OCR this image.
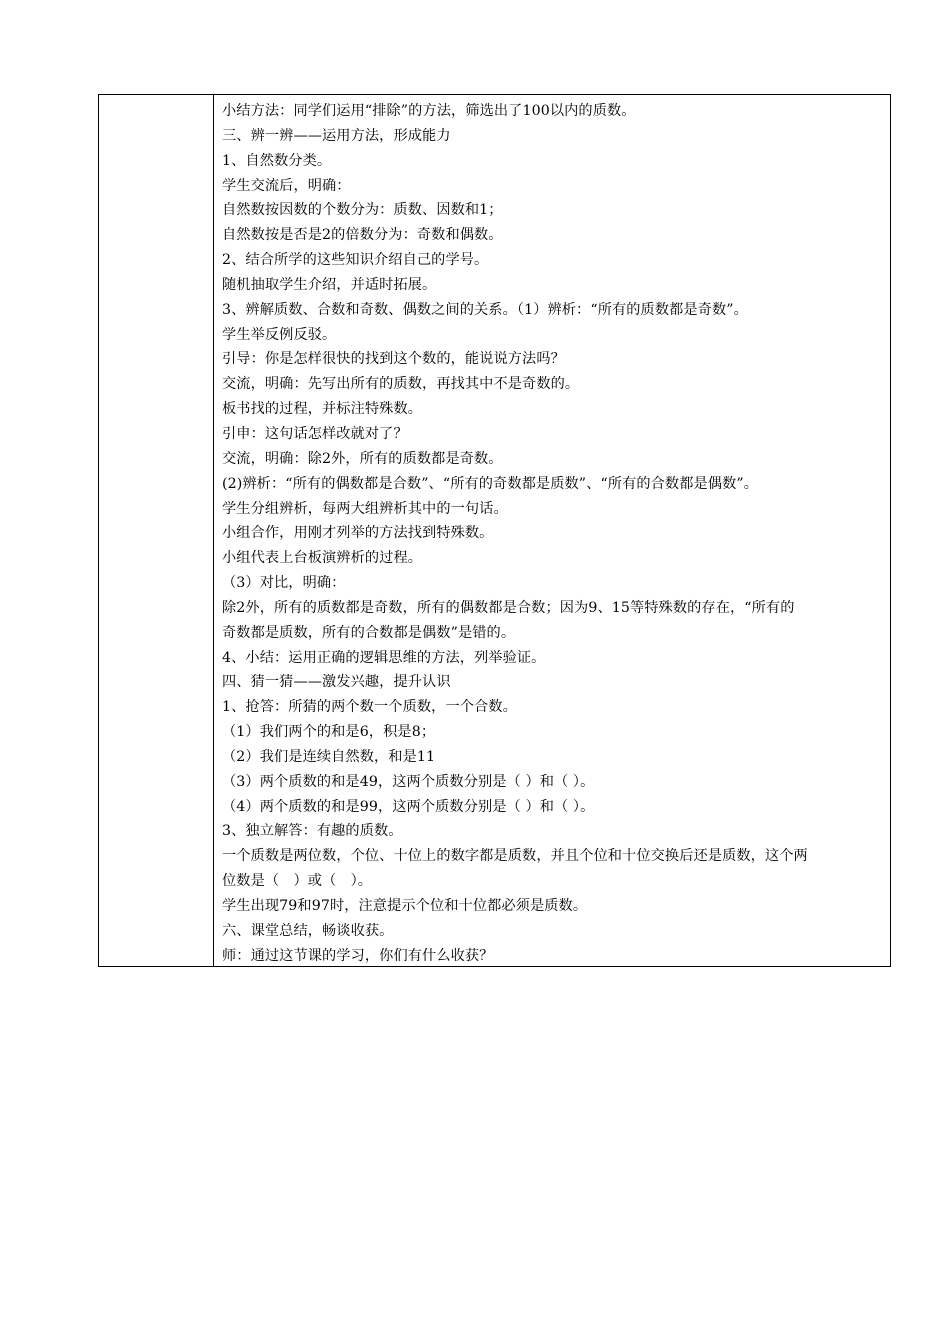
小结方法：同学们运用“排除”的方法，筛选出了100以内的质数。
三、辨一辨——运用方法，形成能力
1、自然数分类。
学生交流后，明确：
自然数按因数的个数分为：质数、因数和1；
自然数按是否是2的倍数分为：奇数和偶数。
2、结合所学的这些知识介绍自己的学号。
随机抽取学生介绍，并适时拓展。
3、辨解质数、合数和奇数、偶数之间的关系。（1）辨析：“所有的质数都是奇数”。
学生举反例反驳。
引导：你是怎样很快的找到这个数的，能说说方法吗？
交流，明确：先写出所有的质数，再找其中不是奇数的。
板书找的过程，并标注特殊数。
引申：这句话怎样改就对了？
交流，明确：除2外，所有的质数都是奇数。
(2)辨析：“所有的偶数都是合数”、“所有的奇数都是质数”、“所有的合数都是偶数”。
学生分组辨析，每两大组辨析其中的一句话。
小组合作，用刚才列举的方法找到特殊数。
小组代表上台板演辨析的过程。
（3）对比，明确：
除2外，所有的质数都是奇数，所有的偶数都是合数；因为9、15等特殊数的存在，“所有的
奇数都是质数，所有的合数都是偶数”是错的。
4、小结：运用正确的逻辑思维的方法，列举验证。
四、猜一猜——激发兴趣，提升认识
1、抢答：所猜的两个数一个质数，一个合数。
（1）我们两个的和是6，积是8；
（2）我们是连续自然数，和是11
（3）两个质数的和是49，这两个质数分别是（ ）和（ ）。
（4）两个质数的和是99，这两个质数分别是（ ）和（ ）。
3、独立解答：有趣的质数。
一个质数是两位数，个位、十位上的数字都是质数，并且个位和十位交换后还是质数，这个两
位数是（　）或（　）。
学生出现79和97时，注意提示个位和十位都必须是质数。
六、课堂总结，畅谈收获。
师：通过这节课的学习，你们有什么收获？
